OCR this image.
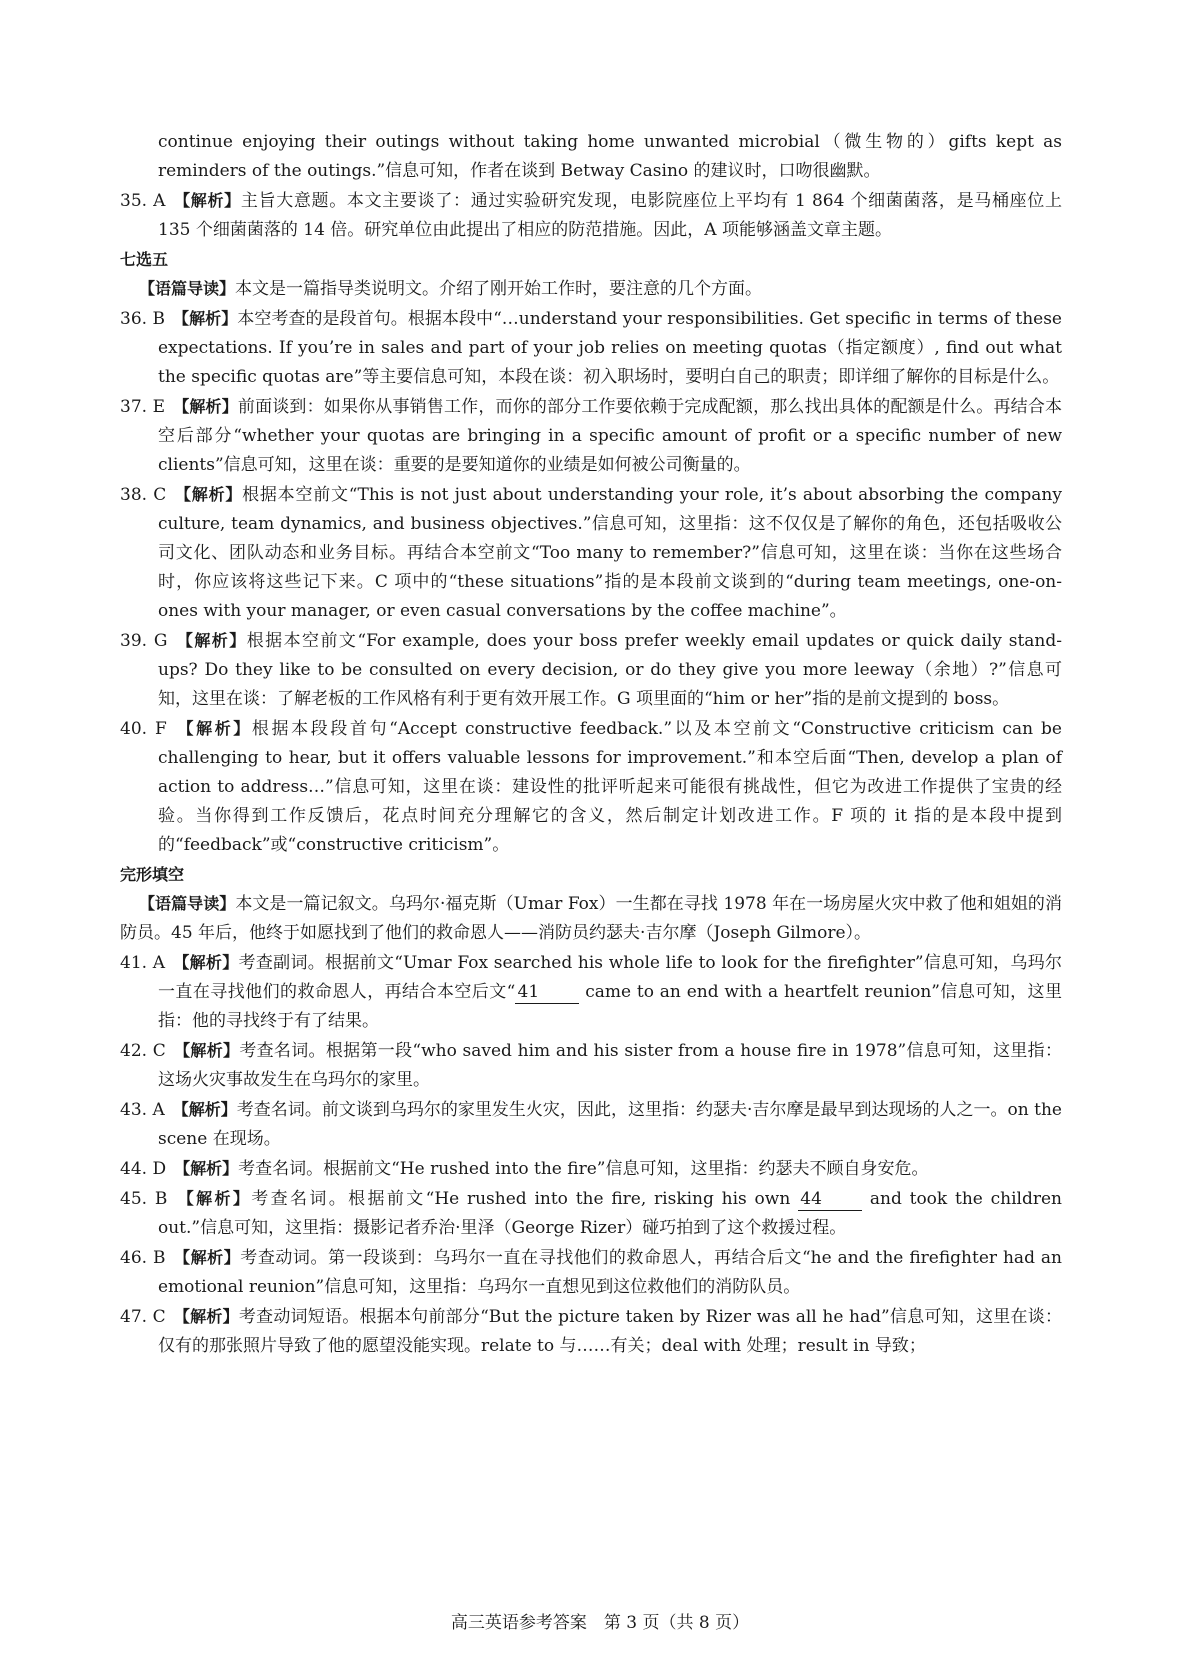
continue enjoying their outings without taking home unwanted microbial（微生物的）gifts kept as reminders of the outings.”信息可知，作者在谈到 Betway Casino 的建议时，口吻很幽默。

35. A 【解析】主旨大意题。本文主要谈了：通过实验研究发现，电影院座位上平均有 1 864 个细菌菌落，是马桶座位上 135 个细菌菌落的 14 倍。研究单位由此提出了相应的防范措施。因此，A 项能够涵盖文章主题。

七选五

【语篇导读】本文是一篇指导类说明文。介绍了刚开始工作时，要注意的几个方面。

36. B 【解析】本空考查的是段首句。根据本段中“…understand your responsibilities. Get specific in terms of these expectations. If you’re in sales and part of your job relies on meeting quotas（指定额度）, find out what the specific quotas are”等主要信息可知，本段在谈：初入职场时，要明白自己的职责；即详细了解你的目标是什么。

37. E 【解析】前面谈到：如果你从事销售工作，而你的部分工作要依赖于完成配额，那么找出具体的配额是什么。再结合本空后部分“whether your quotas are bringing in a specific amount of profit or a specific number of new clients”信息可知，这里在谈：重要的是要知道你的业绩是如何被公司衡量的。

38. C 【解析】根据本空前文“This is not just about understanding your role, it’s about absorbing the company culture, team dynamics, and business objectives.”信息可知，这里指：这不仅仅是了解你的角色，还包括吸收公司文化、团队动态和业务目标。再结合本空前文“Too many to remember?”信息可知，这里在谈：当你在这些场合时，你应该将这些记下来。C 项中的“these situations”指的是本段前文谈到的“during team meetings, one-on-ones with your manager, or even casual conversations by the coffee machine”。

39. G 【解析】根据本空前文“For example, does your boss prefer weekly email updates or quick daily stand-ups? Do they like to be consulted on every decision, or do they give you more leeway（余地）?”信息可知，这里在谈：了解老板的工作风格有利于更有效开展工作。G 项里面的“him or her”指的是前文提到的 boss。

40. F 【解析】根据本段段首句“Accept constructive feedback.”以及本空前文“Constructive criticism can be challenging to hear, but it offers valuable lessons for improvement.”和本空后面“Then, develop a plan of action to address…”信息可知，这里在谈：建设性的批评听起来可能很有挑战性，但它为改进工作提供了宝贵的经验。当你得到工作反馈后，花点时间充分理解它的含义，然后制定计划改进工作。F 项的 it 指的是本段中提到的“feedback”或“constructive criticism”。

完形填空

【语篇导读】本文是一篇记叙文。乌玛尔·福克斯（Umar Fox）一生都在寻找 1978 年在一场房屋火灾中救了他和姐姐的消防员。45 年后，他终于如愿找到了他们的救命恩人——消防员约瑟夫·吉尔摩（Joseph Gilmore）。

41. A 【解析】考查副词。根据前文“Umar Fox searched his whole life to look for the firefighter”信息可知，乌玛尔一直在寻找他们的救命恩人，再结合本空后文“ 41 came to an end with a heartfelt reunion”信息可知，这里指：他的寻找终于有了结果。

42. C 【解析】考查名词。根据第一段“who saved him and his sister from a house fire in 1978”信息可知，这里指：这场火灾事故发生在乌玛尔的家里。

43. A 【解析】考查名词。前文谈到乌玛尔的家里发生火灾，因此，这里指：约瑟夫·吉尔摩是最早到达现场的人之一。on the scene 在现场。

44. D 【解析】考查名词。根据前文“He rushed into the fire”信息可知，这里指：约瑟夫不顾自身安危。

45. B 【解析】考查名词。根据前文“He rushed into the fire, risking his own 44 and took the children out.”信息可知，这里指：摄影记者乔治·里泽（George Rizer）碰巧拍到了这个救援过程。

46. B 【解析】考查动词。第一段谈到：乌玛尔一直在寻找他们的救命恩人，再结合后文“he and the firefighter had an emotional reunion”信息可知，这里指：乌玛尔一直想见到这位救他们的消防队员。

47. C 【解析】考查动词短语。根据本句前部分“But the picture taken by Rizer was all he had”信息可知，这里在谈：仅有的那张照片导致了他的愿望没能实现。relate to 与……有关；deal with 处理；result in 导致；

高三英语参考答案　第 3 页（共 8 页）
